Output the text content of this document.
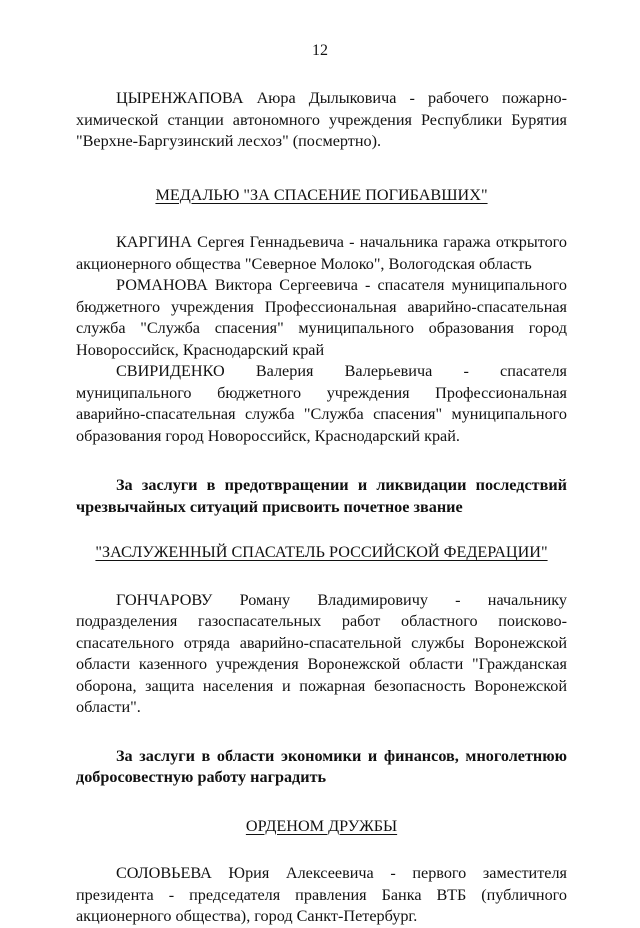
12

ЦЫРЕНЖАПОВА Аюра Дылыковича - рабочего пожарно-химической станции автономного учреждения Республики Бурятия "Верхне-Баргузинский лесхоз" (посмертно).

МЕДАЛЬЮ "ЗА СПАСЕНИЕ ПОГИБАВШИХ"

КАРГИНА Сергея Геннадьевича - начальника гаража открытого акционерного общества "Северное Молоко", Вологодская область

РОМАНОВА Виктора Сергеевича - спасателя муниципального бюджетного учреждения Профессиональная аварийно-спасательная служба "Служба спасения" муниципального образования город Новороссийск, Краснодарский край

СВИРИДЕНКО Валерия Валерьевича - спасателя муниципального бюджетного учреждения Профессиональная аварийно-спасательная служба "Служба спасения" муниципального образования город Новороссийск, Краснодарский край.

За заслуги в предотвращении и ликвидации последствий чрезвычайных ситуаций присвоить почетное звание

"ЗАСЛУЖЕННЫЙ СПАСАТЕЛЬ РОССИЙСКОЙ ФЕДЕРАЦИИ"

ГОНЧАРОВУ Роману Владимировичу - начальнику подразделения газоспасательных работ областного поисково-спасательного отряда аварийно-спасательной службы Воронежской области казенного учреждения Воронежской области "Гражданская оборона, защита населения и пожарная безопасность Воронежской области".

За заслуги в области экономики и финансов, многолетнюю добросовестную работу наградить

ОРДЕНОМ ДРУЖБЫ

СОЛОВЬЕВА Юрия Алексеевича - первого заместителя президента - председателя правления Банка ВТБ (публичного акционерного общества), город Санкт-Петербург.
